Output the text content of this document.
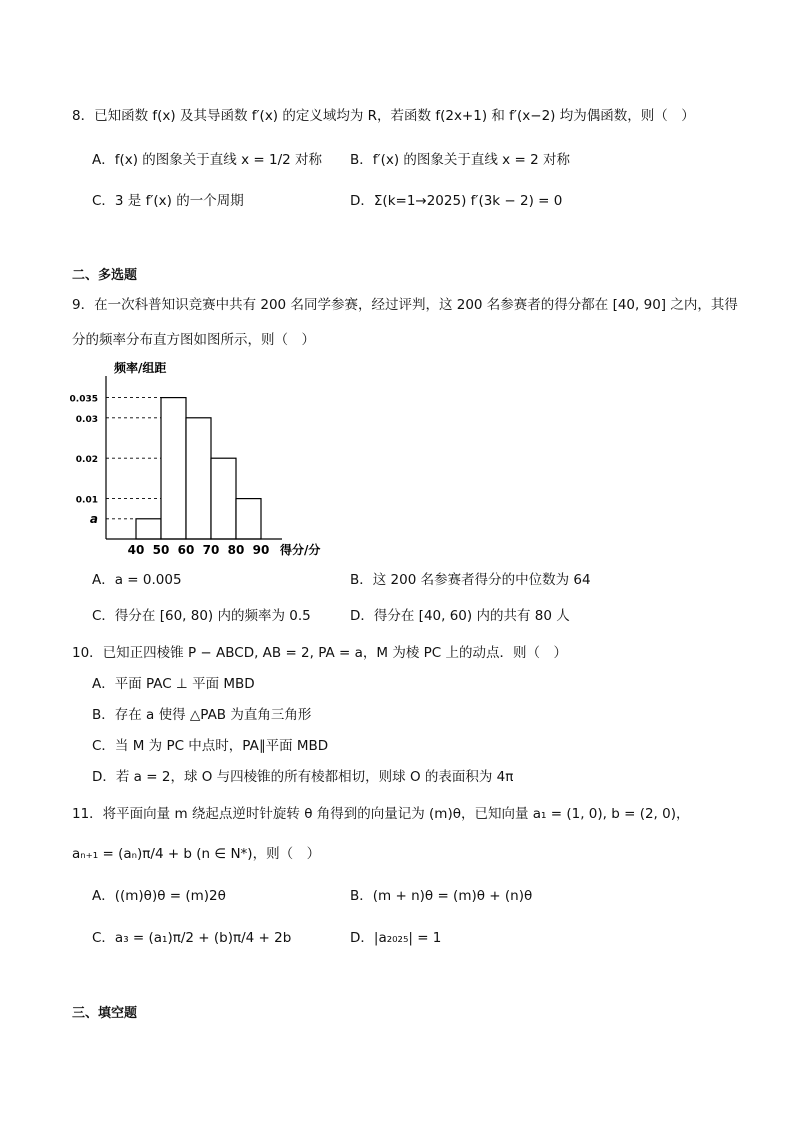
8．已知函数 f(x) 及其导函数 f′(x) 的定义域均为 R，若函数 f(2x+1) 和 f′(x−2) 均为偶函数，则（　）
A．f(x) 的图象关于直线 x = 1/2 对称 B．f′(x) 的图象关于直线 x = 2 对称
C．3 是 f′(x) 的一个周期	D．Σ(k=1→2025) f′(3k − 2) = 0
二、多选题
9．在一次科普知识竞赛中共有 200 名同学参赛，经过评判，这 200 名参赛者的得分都在 [40, 90] 之内，其得
分的频率分布直方图如图所示，则（　）
频率/组距
得分/分
0.035
0.03
0.02
0.01
a
40 50 60 70 80 90
A．a = 0.005	B．这 200 名参赛者得分的中位数为 64
C．得分在 [60, 80) 内的频率为 0.5	D．得分在 [40, 60) 内的共有 80 人
10．已知正四棱锥 P − ABCD, AB = 2, PA = a，M 为棱 PC 上的动点．则（　）
A．平面 PAC ⊥ 平面 MBD
B．存在 a 使得 △PAB 为直角三角形
C．当 M 为 PC 中点时，PA∥平面 MBD
D．若 a = 2，球 O 与四棱锥的所有棱都相切，则球 O 的表面积为 4π
11．将平面向量 m 绕起点逆时针旋转 θ 角得到的向量记为 (m)θ，已知向量 a₁ = (1, 0), b = (2, 0)，
aₙ₊₁ = (aₙ)π/4 + b (n ∈ N*)，则（　）
A．((m)θ)θ = (m)2θ	B．(m + n)θ = (m)θ + (n)θ
C．a₃ = (a₁)π/2 + (b)π/4 + 2b	D．|a₂₀₂₅| = 1
三、填空题
